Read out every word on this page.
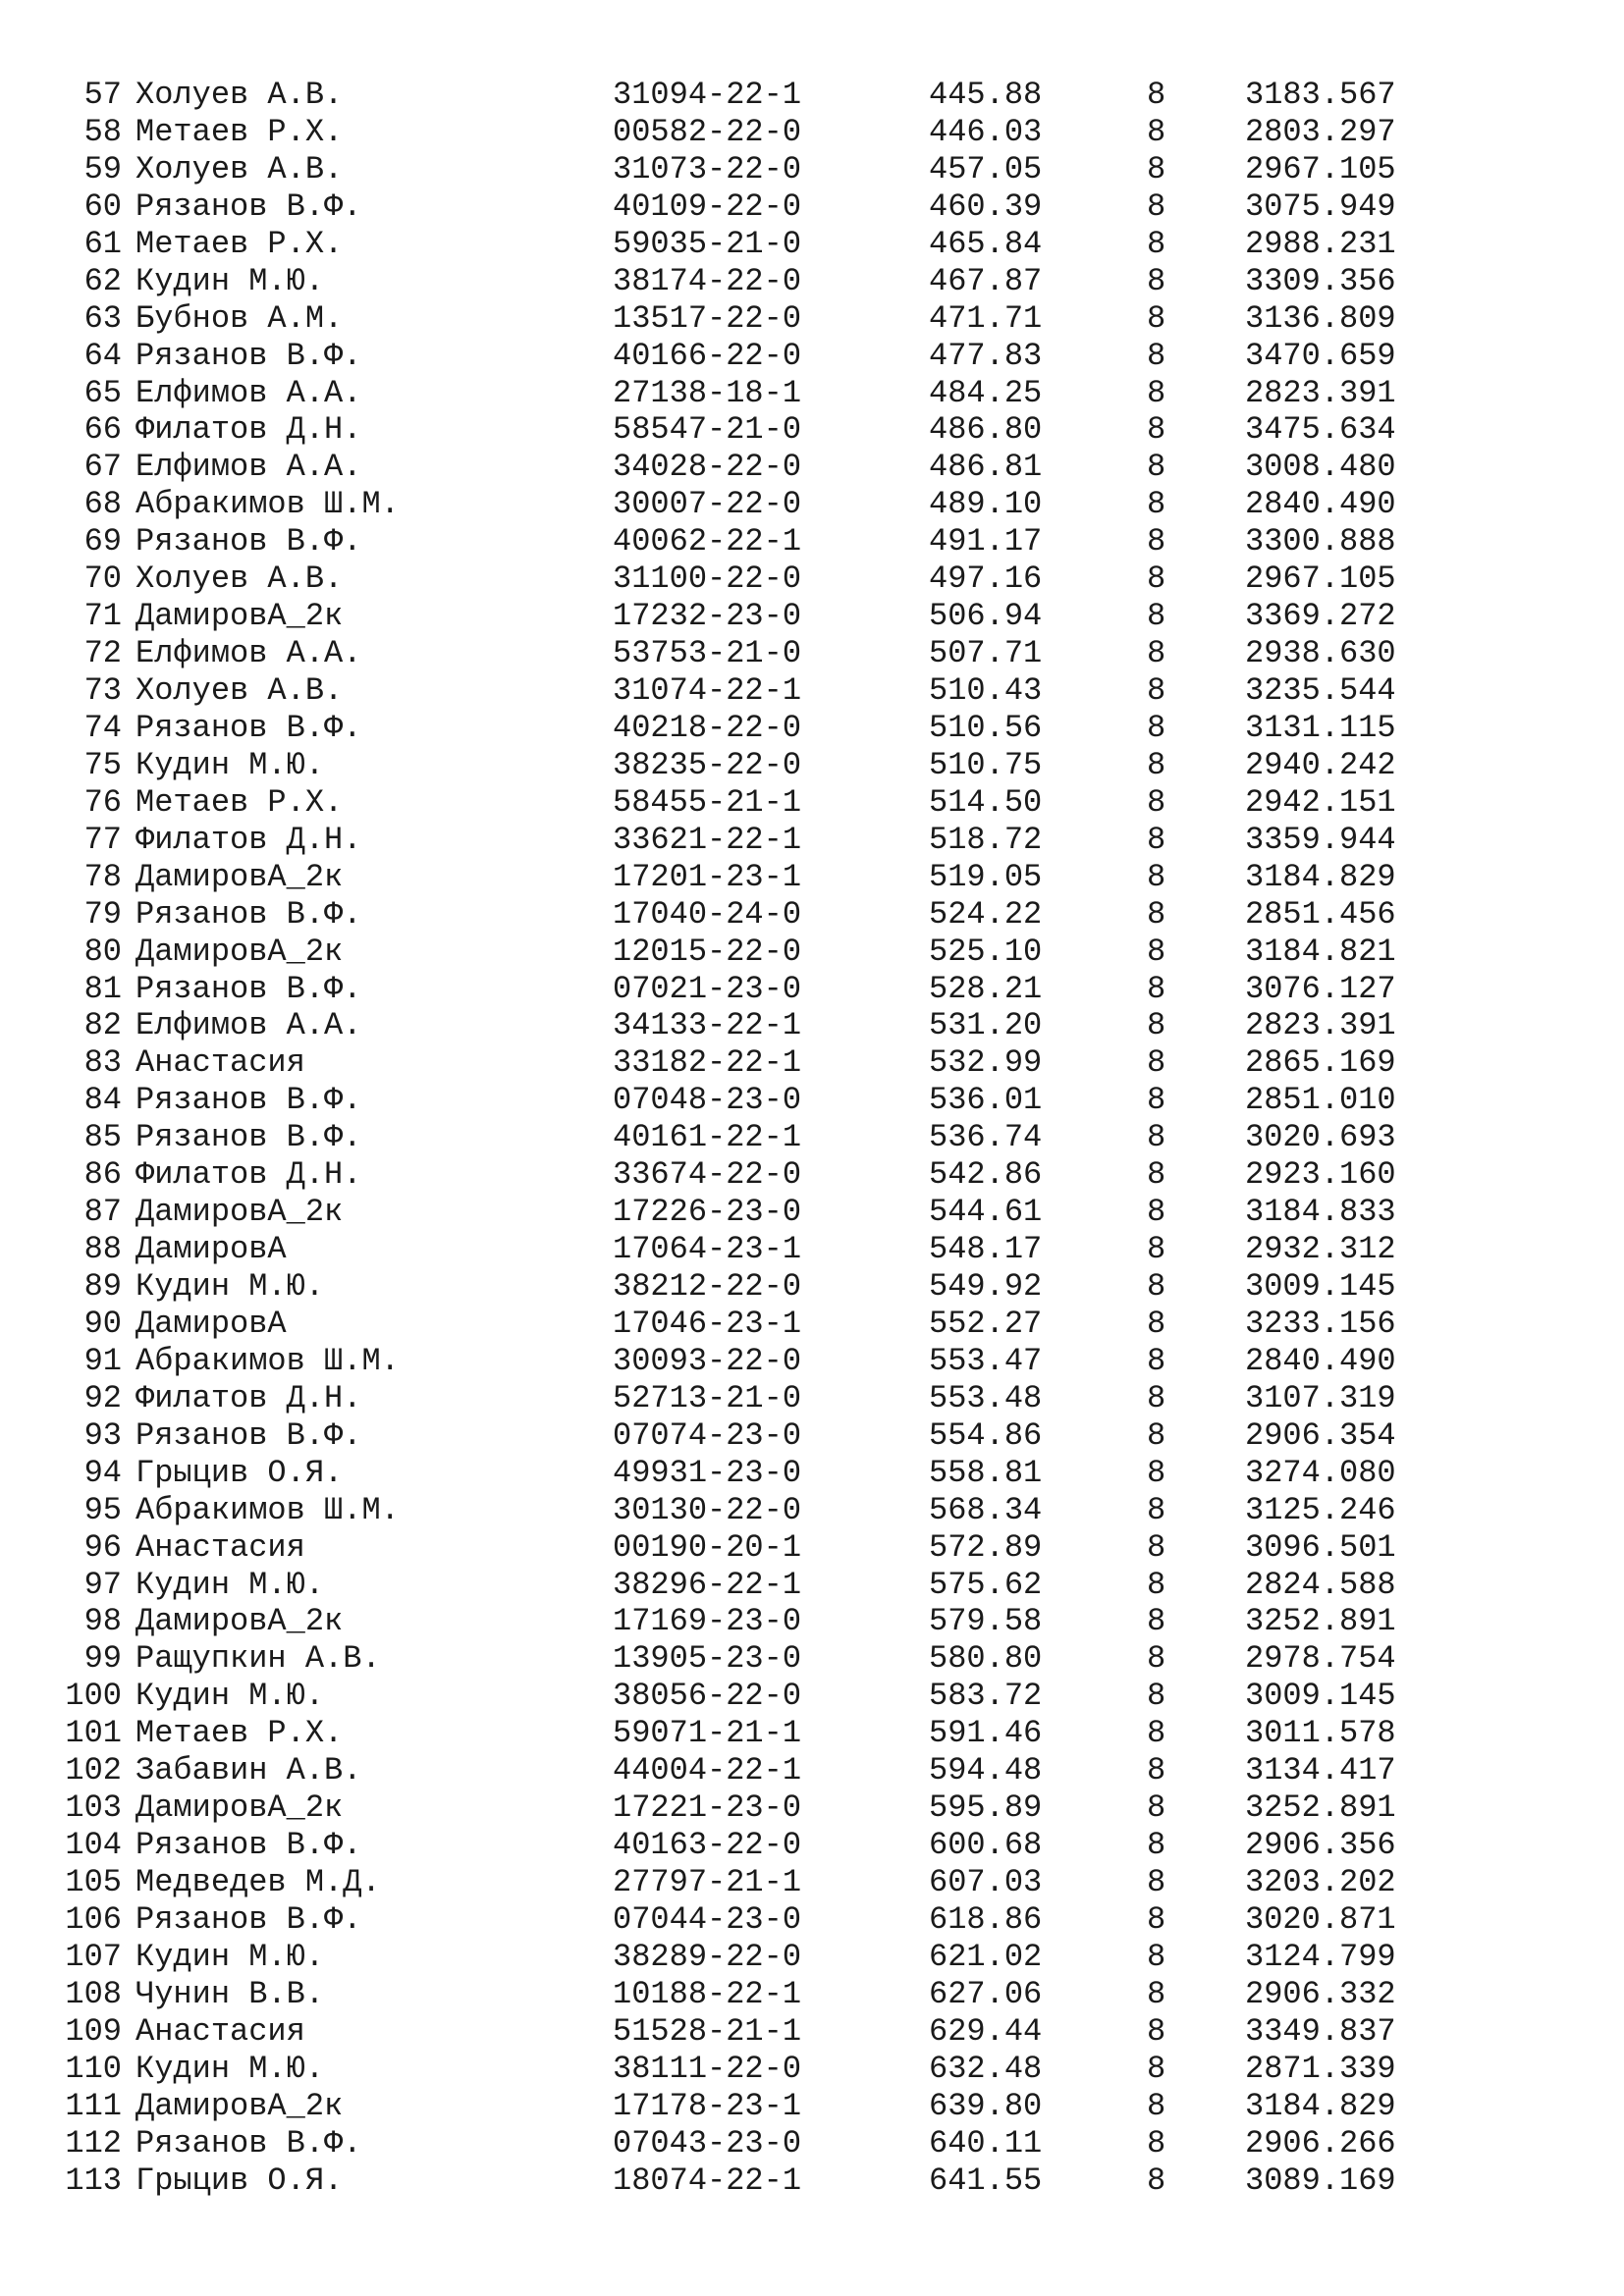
57 Холуев А.В.	31094-22-1	445.88	8	3183.567
58 Метаев Р.Х.	00582-22-0	446.03	8	2803.297
59 Холуев А.В.	31073-22-0	457.05	8	2967.105
60 Рязанов В.Ф.	40109-22-0	460.39	8	3075.949
61 Метаев Р.Х.	59035-21-0	465.84	8	2988.231
62 Кудин М.Ю.	38174-22-0	467.87	8	3309.356
63 Бубнов А.М.	13517-22-0	471.71	8	3136.809
64 Рязанов В.Ф.	40166-22-0	477.83	8	3470.659
65 Елфимов А.А.	27138-18-1	484.25	8	2823.391
66 Филатов Д.Н.	58547-21-0	486.80	8	3475.634
67 Елфимов А.А.	34028-22-0	486.81	8	3008.480
68 Абракимов Ш.М.	30007-22-0	489.10	8	2840.490
69 Рязанов В.Ф.	40062-22-1	491.17	8	3300.888
70 Холуев А.В.	31100-22-0	497.16	8	2967.105
71 ДамировА_2к	17232-23-0	506.94	8	3369.272
72 Елфимов А.А.	53753-21-0	507.71	8	2938.630
73 Холуев А.В.	31074-22-1	510.43	8	3235.544
74 Рязанов В.Ф.	40218-22-0	510.56	8	3131.115
75 Кудин М.Ю.	38235-22-0	510.75	8	2940.242
76 Метаев Р.Х.	58455-21-1	514.50	8	2942.151
77 Филатов Д.Н.	33621-22-1	518.72	8	3359.944
78 ДамировА_2к	17201-23-1	519.05	8	3184.829
79 Рязанов В.Ф.	17040-24-0	524.22	8	2851.456
80 ДамировА_2к	12015-22-0	525.10	8	3184.821
81 Рязанов В.Ф.	07021-23-0	528.21	8	3076.127
82 Елфимов А.А.	34133-22-1	531.20	8	2823.391
83 Анастасия	33182-22-1	532.99	8	2865.169
84 Рязанов В.Ф.	07048-23-0	536.01	8	2851.010
85 Рязанов В.Ф.	40161-22-1	536.74	8	3020.693
86 Филатов Д.Н.	33674-22-0	542.86	8	2923.160
87 ДамировА_2к	17226-23-0	544.61	8	3184.833
88 ДамировА	17064-23-1	548.17	8	2932.312
89 Кудин М.Ю.	38212-22-0	549.92	8	3009.145
90 ДамировА	17046-23-1	552.27	8	3233.156
91 Абракимов Ш.М.	30093-22-0	553.47	8	2840.490
92 Филатов Д.Н.	52713-21-0	553.48	8	3107.319
93 Рязанов В.Ф.	07074-23-0	554.86	8	2906.354
94 Грыцив О.Я.	49931-23-0	558.81	8	3274.080
95 Абракимов Ш.М.	30130-22-0	568.34	8	3125.246
96 Анастасия	00190-20-1	572.89	8	3096.501
97 Кудин М.Ю.	38296-22-1	575.62	8	2824.588
98 ДамировА_2к	17169-23-0	579.58	8	3252.891
99 Ращупкин А.В.	13905-23-0	580.80	8	2978.754
100 Кудин М.Ю.	38056-22-0	583.72	8	3009.145
101 Метаев Р.Х.	59071-21-1	591.46	8	3011.578
102 Забавин А.В.	44004-22-1	594.48	8	3134.417
103 ДамировА_2к	17221-23-0	595.89	8	3252.891
104 Рязанов В.Ф.	40163-22-0	600.68	8	2906.356
105 Медведев М.Д.	27797-21-1	607.03	8	3203.202
106 Рязанов В.Ф.	07044-23-0	618.86	8	3020.871
107 Кудин М.Ю.	38289-22-0	621.02	8	3124.799
108 Чунин В.В.	10188-22-1	627.06	8	2906.332
109 Анастасия	51528-21-1	629.44	8	3349.837
110 Кудин М.Ю.	38111-22-0	632.48	8	2871.339
111 ДамировА_2к	17178-23-1	639.80	8	3184.829
112 Рязанов В.Ф.	07043-23-0	640.11	8	2906.266
113 Грыцив О.Я.	18074-22-1	641.55	8	3089.169
